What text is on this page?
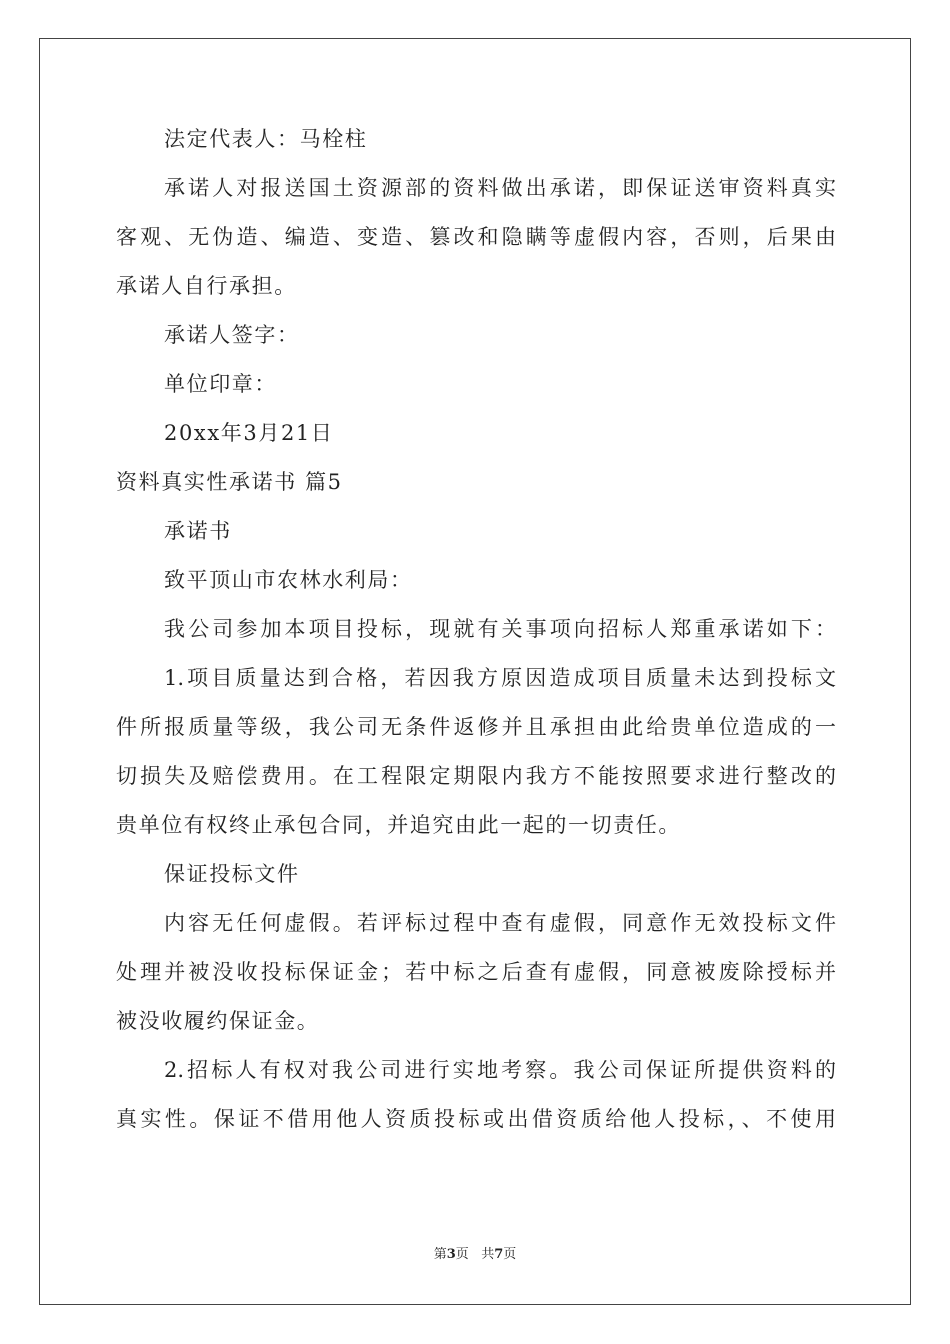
法定代表人：马栓柱

承诺人对报送国土资源部的资料做出承诺，即保证送审资料真实

客观、无伪造、编造、变造、篡改和隐瞒等虚假内容，否则，后果由

承诺人自行承担。

承诺人签字：

单位印章：

20xx年3月21日

资料真实性承诺书 篇5

承诺书

致平顶山市农林水利局：

我公司参加本项目投标，现就有关事项向招标人郑重承诺如下：

1.项目质量达到合格，若因我方原因造成项目质量未达到投标文

件所报质量等级，我公司无条件返修并且承担由此给贵单位造成的一

切损失及赔偿费用。在工程限定期限内我方不能按照要求进行整改的

贵单位有权终止承包合同，并追究由此一起的一切责任。

保证投标文件

内容无任何虚假。若评标过程中查有虚假，同意作无效投标文件

处理并被没收投标保证金；若中标之后查有虚假，同意被废除授标并

被没收履约保证金。

2.招标人有权对我公司进行实地考察。我公司保证所提供资料的

真实性。保证不借用他人资质投标或出借资质给他人投标，、不使用

第3页 共7页
